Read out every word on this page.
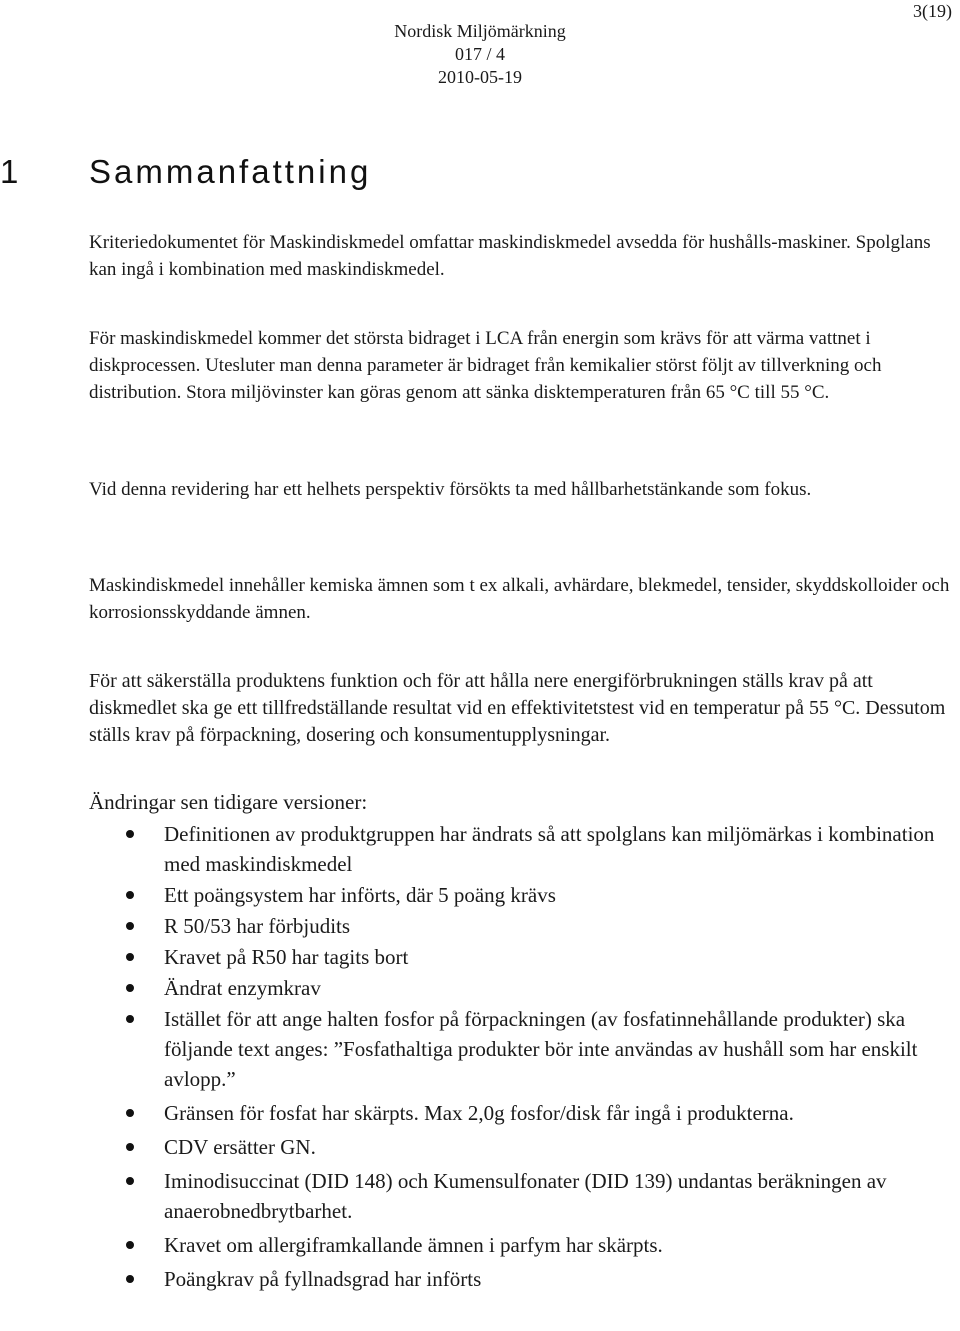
3(19)
Nordisk Miljömärkning
017 / 4
2010-05-19
1 Sammanfattning

Kriteriedokumentet för Maskindiskmedel omfattar maskindiskmedel avsedda för hushålls-maskiner. Spolglans kan ingå i kombination med maskindiskmedel.

För maskindiskmedel kommer det största bidraget i LCA från energin som krävs för att värma vattnet i diskprocessen. Utesluter man denna parameter är bidraget från kemikalier störst följt av tillverkning och distribution. Stora miljövinster kan göras genom att sänka disktemperaturen från 65 °C till 55 °C.

Vid denna revidering har ett helhets perspektiv försökts ta med hållbarhetstänkande som fokus.

Maskindiskmedel innehåller kemiska ämnen som t ex alkali, avhärdare, blekmedel, tensider, skyddskolloider och korrosionsskyddande ämnen.

För att säkerställa produktens funktion och för att hålla nere energiförbrukningen ställs krav på att diskmedlet ska ge ett tillfredställande resultat vid en effektivitetstest vid en temperatur på 55 °C. Dessutom ställs krav på förpackning, dosering och konsumentupplysningar.

Ändringar sen tidigare versioner:

Definitionen av produktgruppen har ändrats så att spolglans kan miljömärkas i kombination med maskindiskmedel
Ett poängsystem har införts, där 5 poäng krävs
R 50/53 har förbjudits
Kravet på R50 har tagits bort
Ändrat enzymkrav
Istället för att ange halten fosfor på förpackningen (av fosfatinnehållande produkter) ska följande text anges: ”Fosfathaltiga produkter bör inte användas av hushåll som har enskilt avlopp.”
Gränsen för fosfat har skärpts. Max 2,0g fosfor/disk får ingå i produkterna.
CDV ersätter GN.
Iminodisuccinat (DID 148) och Kumensulfonater (DID 139) undantas beräkningen av anaerobnedbrytbarhet.
Kravet om allergiframkallande ämnen i parfym har skärpts.
Poängkrav på fyllnadsgrad har införts
